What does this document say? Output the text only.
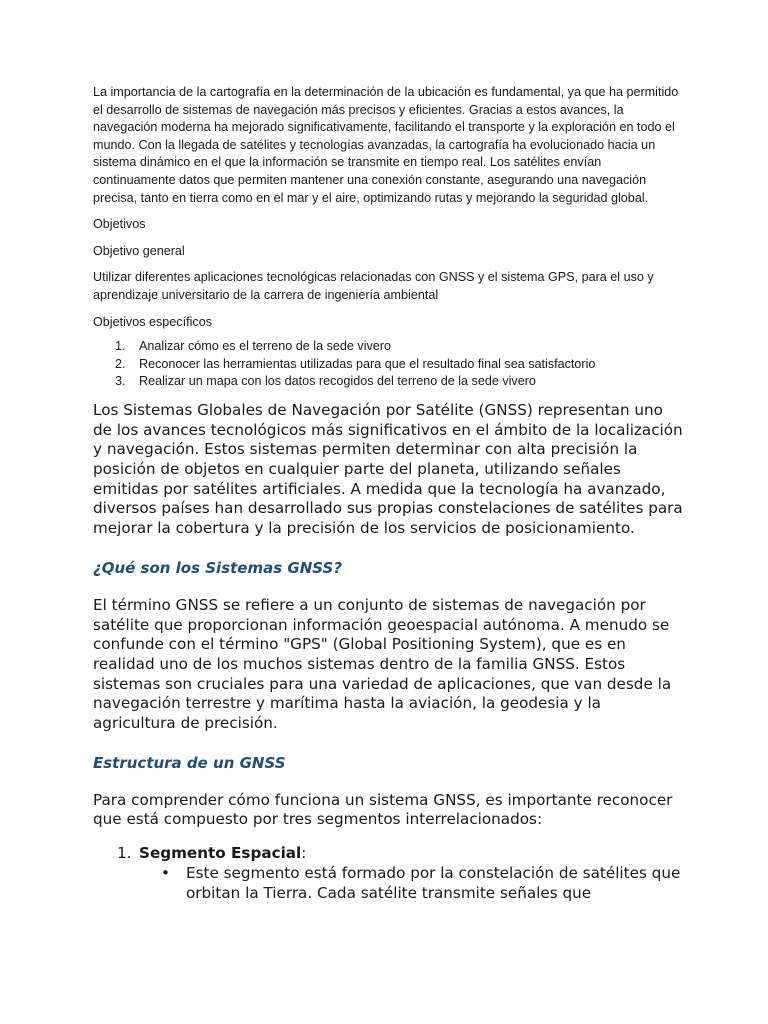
La importancia de la cartografía en la determinación de la ubicación es fundamental, ya que ha permitido el desarrollo de sistemas de navegación más precisos y eficientes. Gracias a estos avances, la navegación moderna ha mejorado significativamente, facilitando el transporte y la exploración en todo el mundo. Con la llegada de satélites y tecnologías avanzadas, la cartografía ha evolucionado hacia un sistema dinámico en el que la información se transmite en tiempo real. Los satélites envían continuamente datos que permiten mantener una conexión constante, asegurando una navegación precisa, tanto en tierra como en el mar y el aire, optimizando rutas y mejorando la seguridad global.

Objetivos

Objetivo general

Utilizar diferentes aplicaciones tecnológicas relacionadas con GNSS y el sistema GPS, para el uso y aprendizaje universitario de la carrera de ingeniería ambiental

Objetivos específicos

1. Analizar cómo es el terreno de la sede vivero
2. Reconocer las herramientas utilizadas para que el resultado final sea satisfactorio
3. Realizar un mapa con los datos recogidos del terreno de la sede vivero

Los Sistemas Globales de Navegación por Satélite (GNSS) representan uno de los avances tecnológicos más significativos en el ámbito de la localización y navegación. Estos sistemas permiten determinar con alta precisión la posición de objetos en cualquier parte del planeta, utilizando señales emitidas por satélites artificiales. A medida que la tecnología ha avanzado, diversos países han desarrollado sus propias constelaciones de satélites para mejorar la cobertura y la precisión de los servicios de posicionamiento.

¿Qué son los Sistemas GNSS?

El término GNSS se refiere a un conjunto de sistemas de navegación por satélite que proporcionan información geoespacial autónoma. A menudo se confunde con el término "GPS" (Global Positioning System), que es en realidad uno de los muchos sistemas dentro de la familia GNSS. Estos sistemas son cruciales para una variedad de aplicaciones, que van desde la navegación terrestre y marítima hasta la aviación, la geodesia y la agricultura de precisión.

Estructura de un GNSS

Para comprender cómo funciona un sistema GNSS, es importante reconocer que está compuesto por tres segmentos interrelacionados:

1. Segmento Espacial:
• Este segmento está formado por la constelación de satélites que orbitan la Tierra. Cada satélite transmite señales que
